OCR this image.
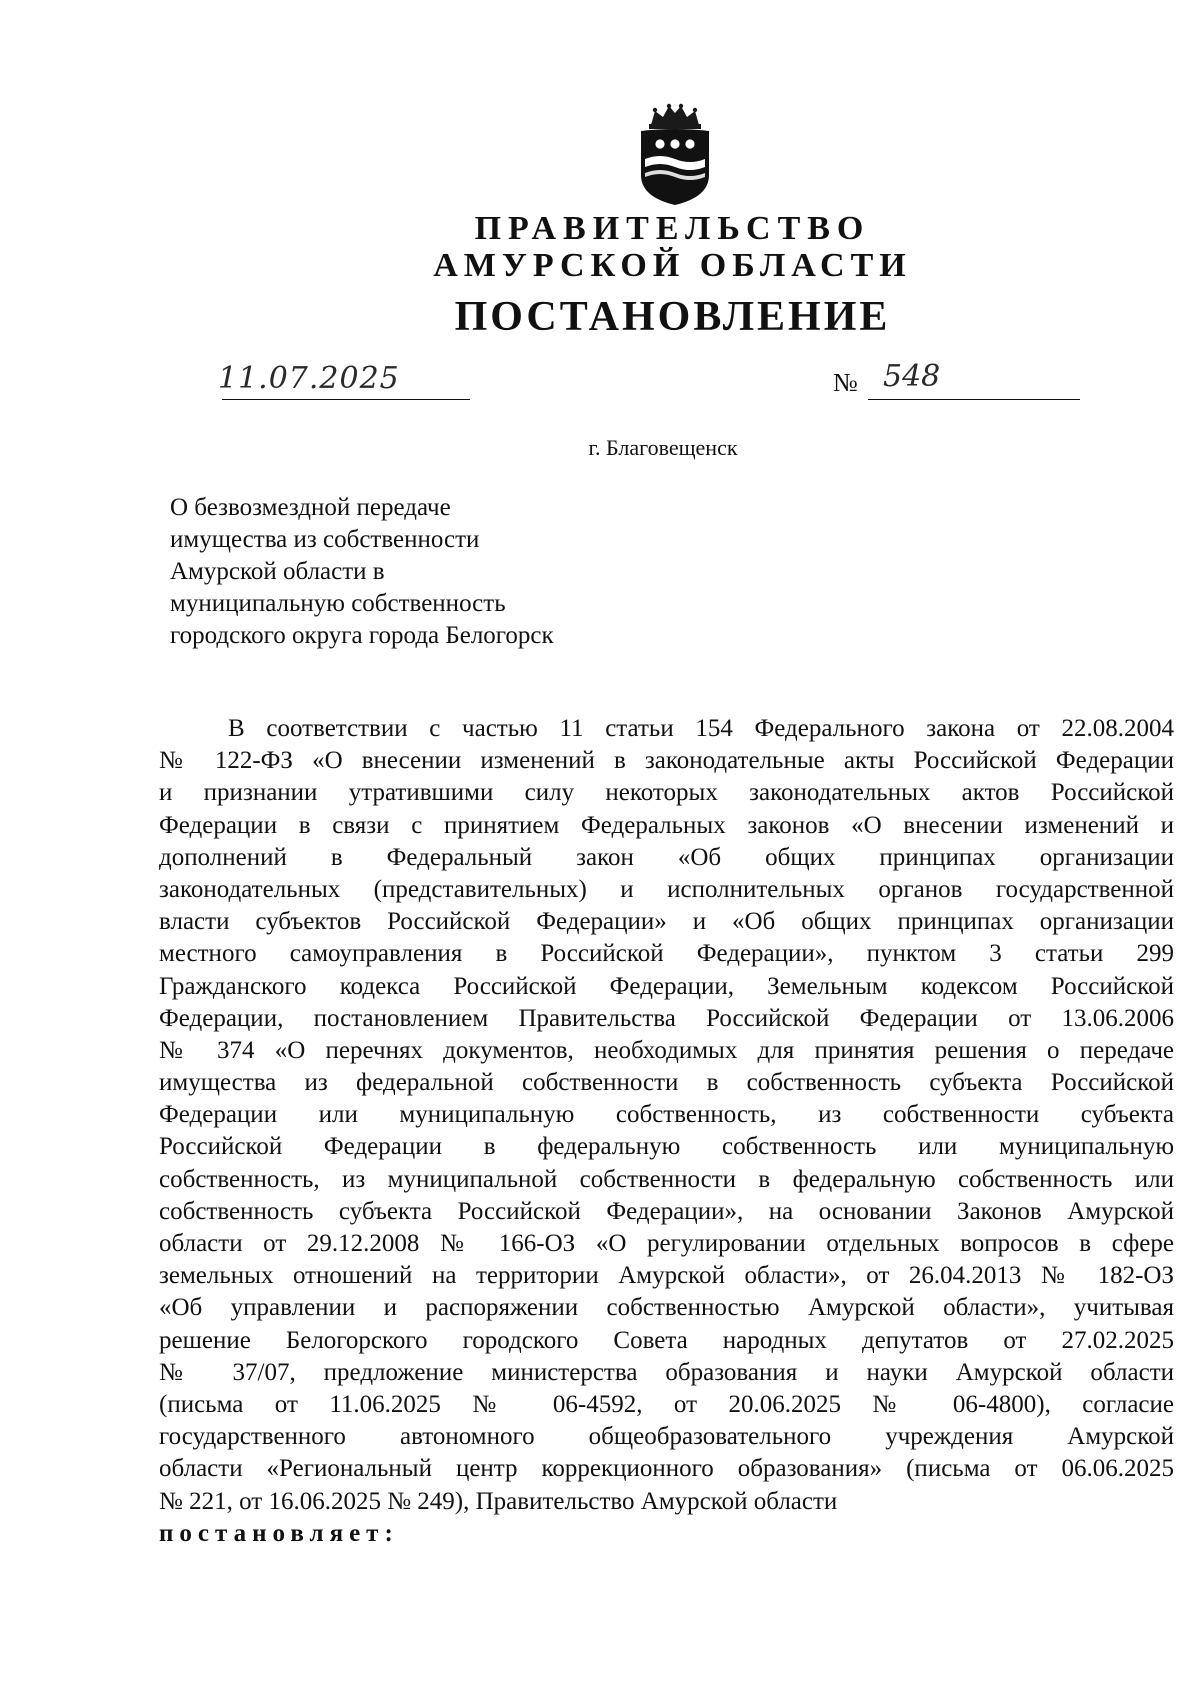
ПРАВИТЕЛЬСТВО
АМУРСКОЙ ОБЛАСТИ
ПОСТАНОВЛЕНИЕ
11.07.2025	№ 548
г. Благовещенск
О безвозмездной передаче
имущества из собственности
Амурской области в
муниципальную собственность
городского округа города Белогорск
В соответствии с частью 11 статьи 154 Федерального закона от 22.08.2004
№ 122-ФЗ «О внесении изменений в законодательные акты Российской Федерации
и признании утратившими силу некоторых законодательных актов Российской
Федерации в связи с принятием Федеральных законов «О внесении изменений и
дополнений в Федеральный закон «Об общих принципах организации
законодательных (представительных) и исполнительных органов государственной
власти субъектов Российской Федерации» и «Об общих принципах организации
местного самоуправления в Российской Федерации», пунктом 3 статьи 299
Гражданского кодекса Российской Федерации, Земельным кодексом Российской
Федерации, постановлением Правительства Российской Федерации от 13.06.2006
№ 374 «О перечнях документов, необходимых для принятия решения о передаче
имущества из федеральной собственности в собственность субъекта Российской
Федерации или муниципальную собственность, из собственности субъекта
Российской Федерации в федеральную собственность или муниципальную
собственность, из муниципальной собственности в федеральную собственность или
собственность субъекта Российской Федерации», на основании Законов Амурской
области от 29.12.2008 № 166-ОЗ «О регулировании отдельных вопросов в сфере
земельных отношений на территории Амурской области», от 26.04.2013 № 182-ОЗ
«Об управлении и распоряжении собственностью Амурской области», учитывая
решение Белогорского городского Совета народных депутатов от 27.02.2025
№ 37/07, предложение министерства образования и науки Амурской области
(письма от 11.06.2025 № 06-4592, от 20.06.2025 № 06-4800), согласие
государственного автономного общеобразовательного учреждения Амурской
области «Региональный центр коррекционного образования» (письма от 06.06.2025
№ 221, от 16.06.2025 № 249), Правительство Амурской области
постановляет:
